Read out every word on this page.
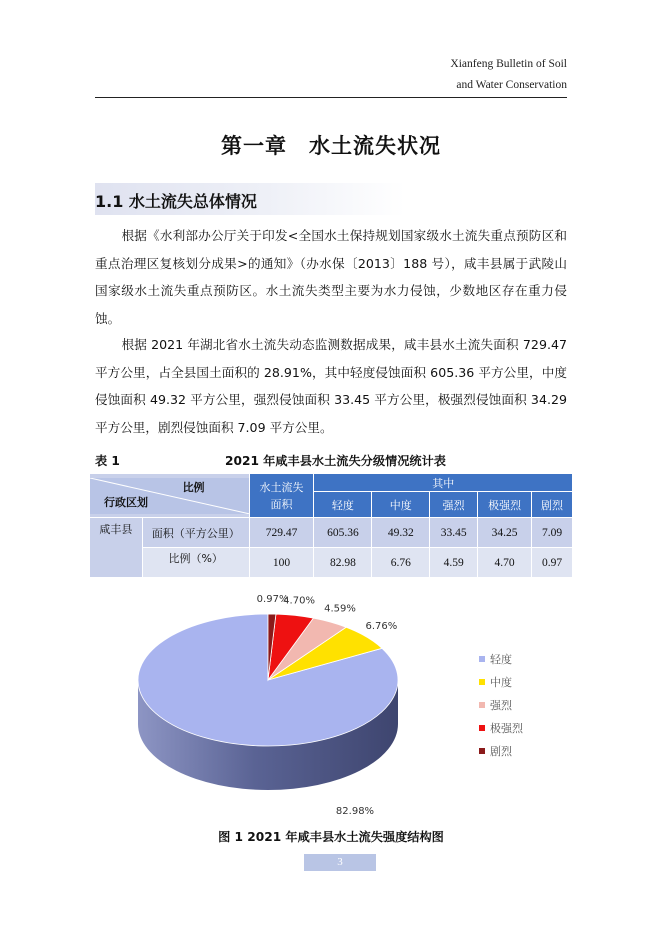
Xianfeng Bulletin of Soil
and Water Conservation
第一章 水土流失状况
1.1 水土流失总体情况
根据《水利部办公厅关于印发<全国水土保持规划国家级水土流失重点预防区和重点治理区复核划分成果>的通知》（办水保〔2013〕188 号），咸丰县属于武陵山国家级水土流失重点预防区。水土流失类型主要为水力侵蚀，少数地区存在重力侵蚀。
根据 2021 年湖北省水土流失动态监测数据成果，咸丰县水土流失面积 729.47 平方公里，占全县国土面积的 28.91%，其中轻度侵蚀面积 605.36 平方公里，中度侵蚀面积 49.32 平方公里，强烈侵蚀面积 33.45 平方公里，极强烈侵蚀面积 34.29 平方公里，剧烈侵蚀面积 7.09 平方公里。
表 1	2021 年咸丰县水土流失分级情况统计表
比例
行政区划		水土流失面积	其中				
			轻度	中度	强烈	极强烈	剧烈
咸丰县	面积（平方公里）	729.47	605.36	49.32	33.45	34.25	7.09
	比例（%）	100	82.98	6.76	4.59	4.70	0.97
82.98%
6.76%
4.59%
4.70%
0.97%
轻度
中度
强烈
极强烈
剧烈
图 1 2021 年咸丰县水土流失强度结构图
3
